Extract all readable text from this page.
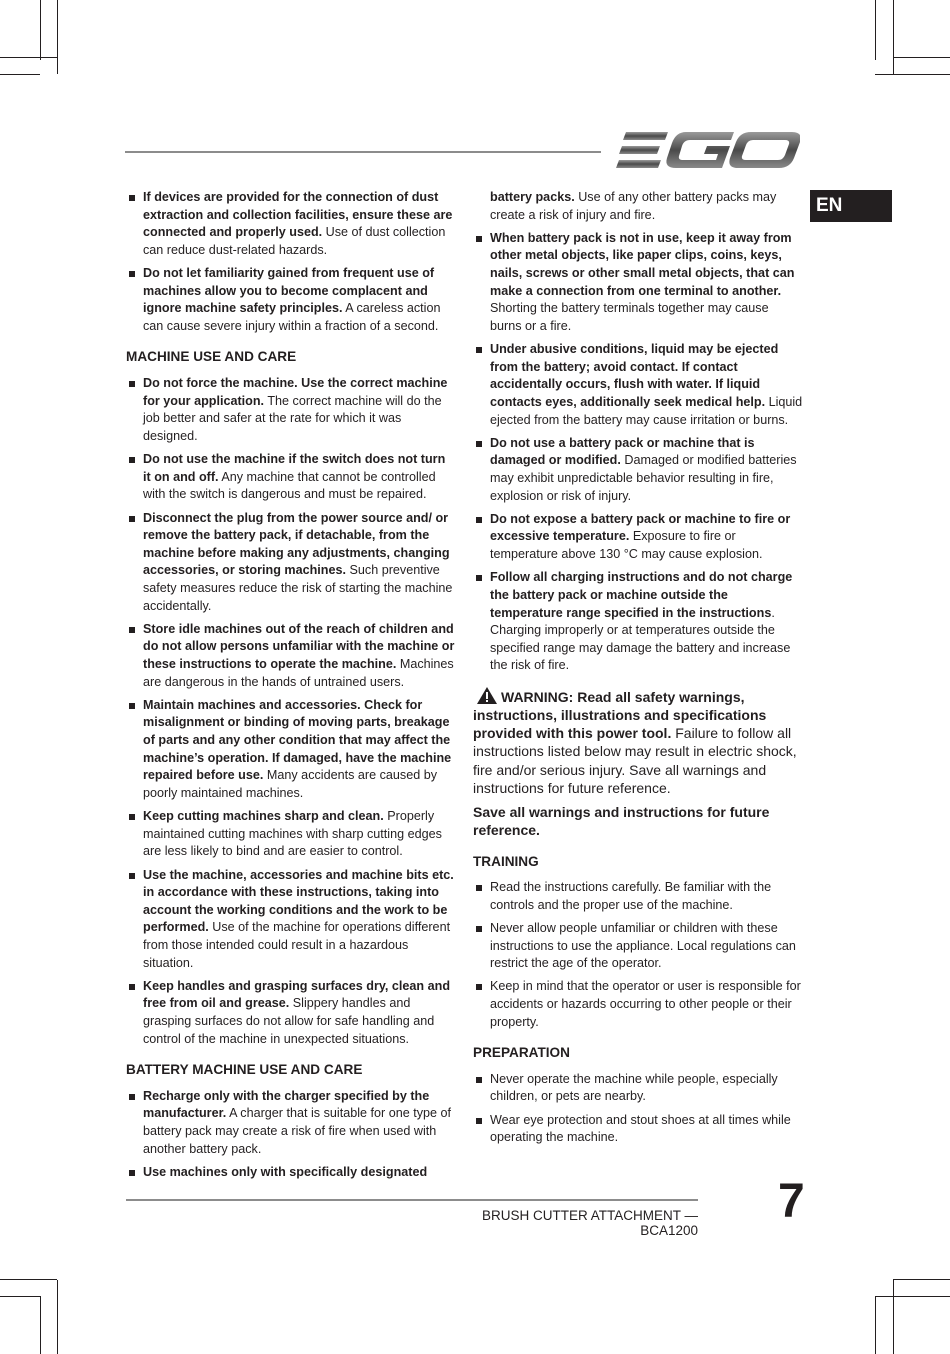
EN
If devices are provided for the connection of dust extraction and collection facilities, ensure these are connected and properly used. Use of dust collection can reduce dust-related hazards.
Do not let familiarity gained from frequent use of machines allow you to become complacent and ignore machine safety principles. A careless action can cause severe injury within a fraction of a second.
MACHINE USE AND CARE
Do not force the machine. Use the correct machine for your application. The correct machine will do the job better and safer at the rate for which it was designed.
Do not use the machine if the switch does not turn it on and off. Any machine that cannot be controlled with the switch is dangerous and must be repaired.
Disconnect the plug from the power source and/ or remove the battery pack, if detachable, from the machine before making any adjustments, changing accessories, or storing machines. Such preventive safety measures reduce the risk of starting the machine accidentally.
Store idle machines out of the reach of children and do not allow persons unfamiliar with the machine or these instructions to operate the machine. Machines are dangerous in the hands of untrained users.
Maintain machines and accessories. Check for misalignment or binding of moving parts, breakage of parts and any other condition that may affect the machine’s operation. If damaged, have the machine repaired before use. Many accidents are caused by poorly maintained machines.
Keep cutting machines sharp and clean. Properly maintained cutting machines with sharp cutting edges are less likely to bind and are easier to control.
Use the machine, accessories and machine bits etc. in accordance with these instructions, taking into account the working conditions and the work to be performed. Use of the machine for operations different from those intended could result in a hazardous situation.
Keep handles and grasping surfaces dry, clean and free from oil and grease. Slippery handles and grasping surfaces do not allow for safe handling and control of the machine in unexpected situations.
BATTERY MACHINE USE AND CARE
Recharge only with the charger specified by the manufacturer. A charger that is suitable for one type of battery pack may create a risk of fire when used with another battery pack.
Use machines only with specifically designated
battery packs. Use of any other battery packs may create a risk of injury and fire.
When battery pack is not in use, keep it away from other metal objects, like paper clips, coins, keys, nails, screws or other small metal objects, that can make a connection from one terminal to another. Shorting the battery terminals together may cause burns or a fire.
Under abusive conditions, liquid may be ejected from the battery; avoid contact. If contact accidentally occurs, flush with water. If liquid contacts eyes, additionally seek medical help. Liquid ejected from the battery may cause irritation or burns.
Do not use a battery pack or machine that is damaged or modified. Damaged or modified batteries may exhibit unpredictable behavior resulting in fire, explosion or risk of injury.
Do not expose a battery pack or machine to fire or excessive temperature. Exposure to fire or temperature above 130 °C may cause explosion.
Follow all charging instructions and do not charge the battery pack or machine outside the temperature range specified in the instructions. Charging improperly or at temperatures outside the specified range may damage the battery and increase the risk of fire.
WARNING: Read all safety warnings, instructions, illustrations and specifications provided with this power tool. Failure to follow all instructions listed below may result in electric shock, fire and/or serious injury. Save all warnings and instructions for future reference.
Save all warnings and instructions for future reference.
TRAINING
Read the instructions carefully. Be familiar with the controls and the proper use of the machine.
Never allow people unfamiliar or children with these instructions to use the appliance. Local regulations can restrict the age of the operator.
Keep in mind that the operator or user is responsible for accidents or hazards occurring to other people or their property.
PREPARATION
Never operate the machine while people, especially children, or pets are nearby.
Wear eye protection and stout shoes at all times while operating the machine.
BRUSH CUTTER ATTACHMENT — BCA1200
7
